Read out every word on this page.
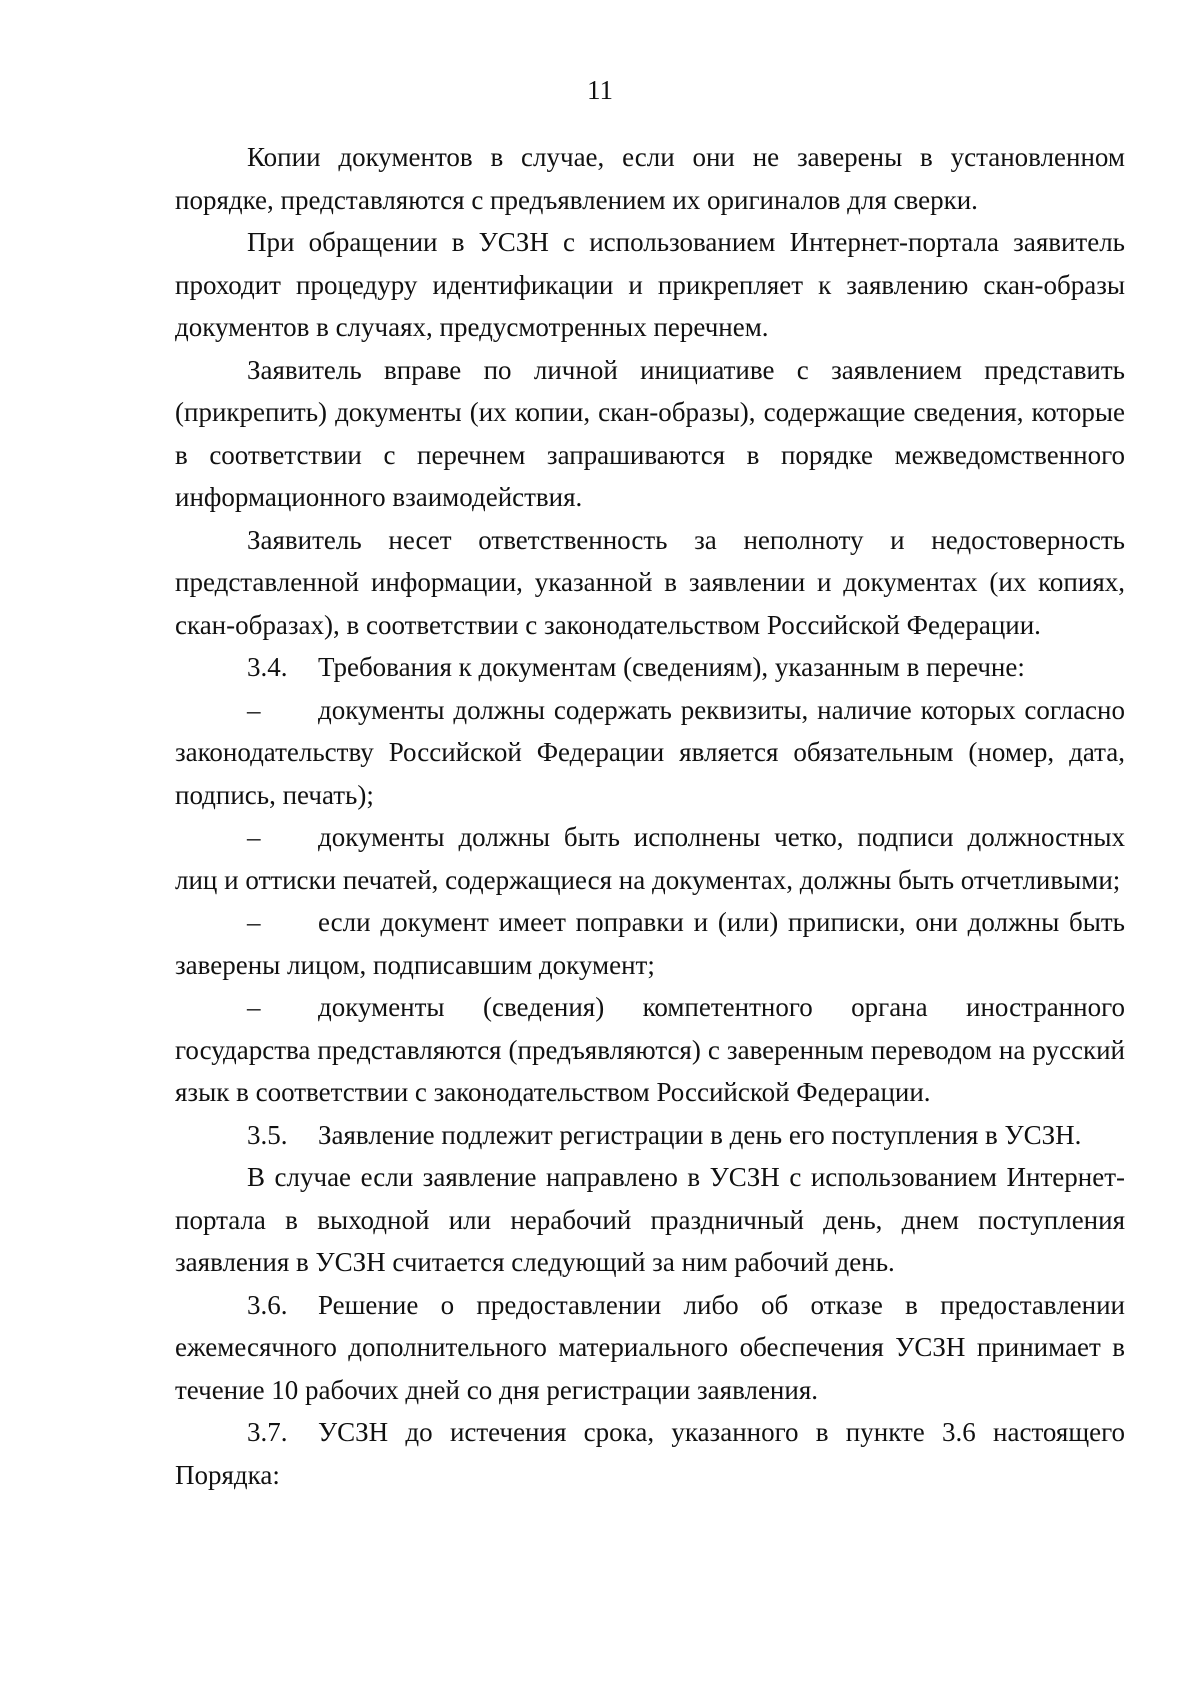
11

Копии документов в случае, если они не заверены в установленном порядке, представляются с предъявлением их оригиналов для сверки.

При обращении в УСЗН с использованием Интернет-портала заявитель проходит процедуру идентификации и прикрепляет к заявлению скан-образы документов в случаях, предусмотренных перечнем.

Заявитель вправе по личной инициативе с заявлением представить (прикрепить) документы (их копии, скан-образы), содержащие сведения, которые в соответствии с перечнем запрашиваются в порядке межведомственного информационного взаимодействия.

Заявитель несет ответственность за неполноту и недостоверность представленной информации, указанной в заявлении и документах (их копиях, скан-образах), в соответствии с законодательством Российской Федерации.

3.4. Требования к документам (сведениям), указанным в перечне:

– документы должны содержать реквизиты, наличие которых согласно законодательству Российской Федерации является обязательным (номер, дата, подпись, печать);

– документы должны быть исполнены четко, подписи должностных лиц и оттиски печатей, содержащиеся на документах, должны быть отчетливыми;

– если документ имеет поправки и (или) приписки, они должны быть заверены лицом, подписавшим документ;

– документы (сведения) компетентного органа иностранного государства представляются (предъявляются) с заверенным переводом на русский язык в соответствии с законодательством Российской Федерации.

3.5. Заявление подлежит регистрации в день его поступления в УСЗН.

В случае если заявление направлено в УСЗН с использованием Интернет-портала в выходной или нерабочий праздничный день, днем поступления заявления в УСЗН считается следующий за ним рабочий день.

3.6. Решение о предоставлении либо об отказе в предоставлении ежемесячного дополнительного материального обеспечения УСЗН принимает в течение 10 рабочих дней со дня регистрации заявления.

3.7. УСЗН до истечения срока, указанного в пункте 3.6 настоящего Порядка:
